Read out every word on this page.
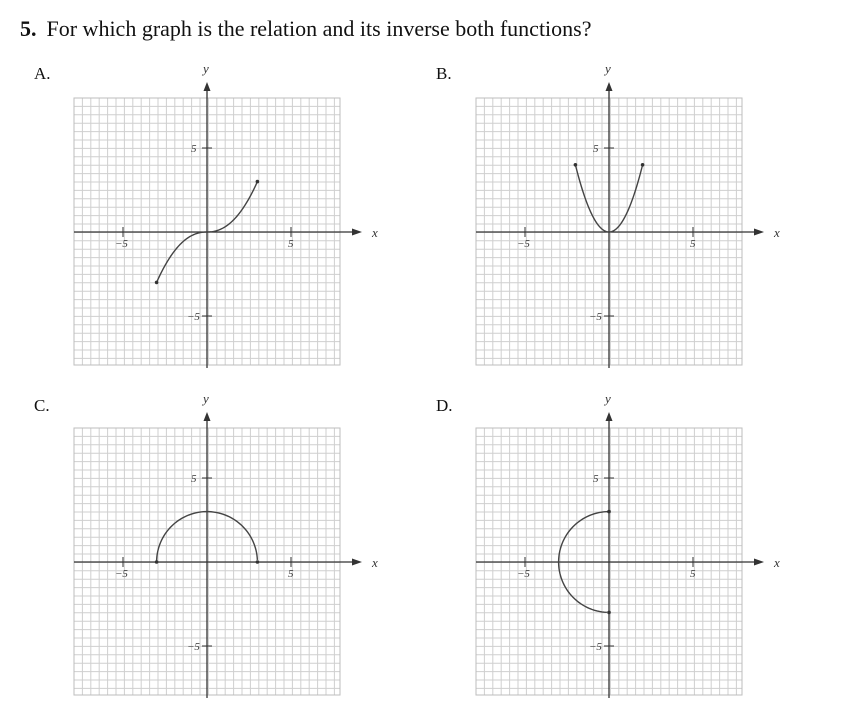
5. For which graph is the relation and its inverse both functions?
A.	B.
C.	D.
x
y
−5	5
5
−5
x
y
−5	5
5
−5
x
y
−5	5
5
−5
x
y
−5	5
5
−5
